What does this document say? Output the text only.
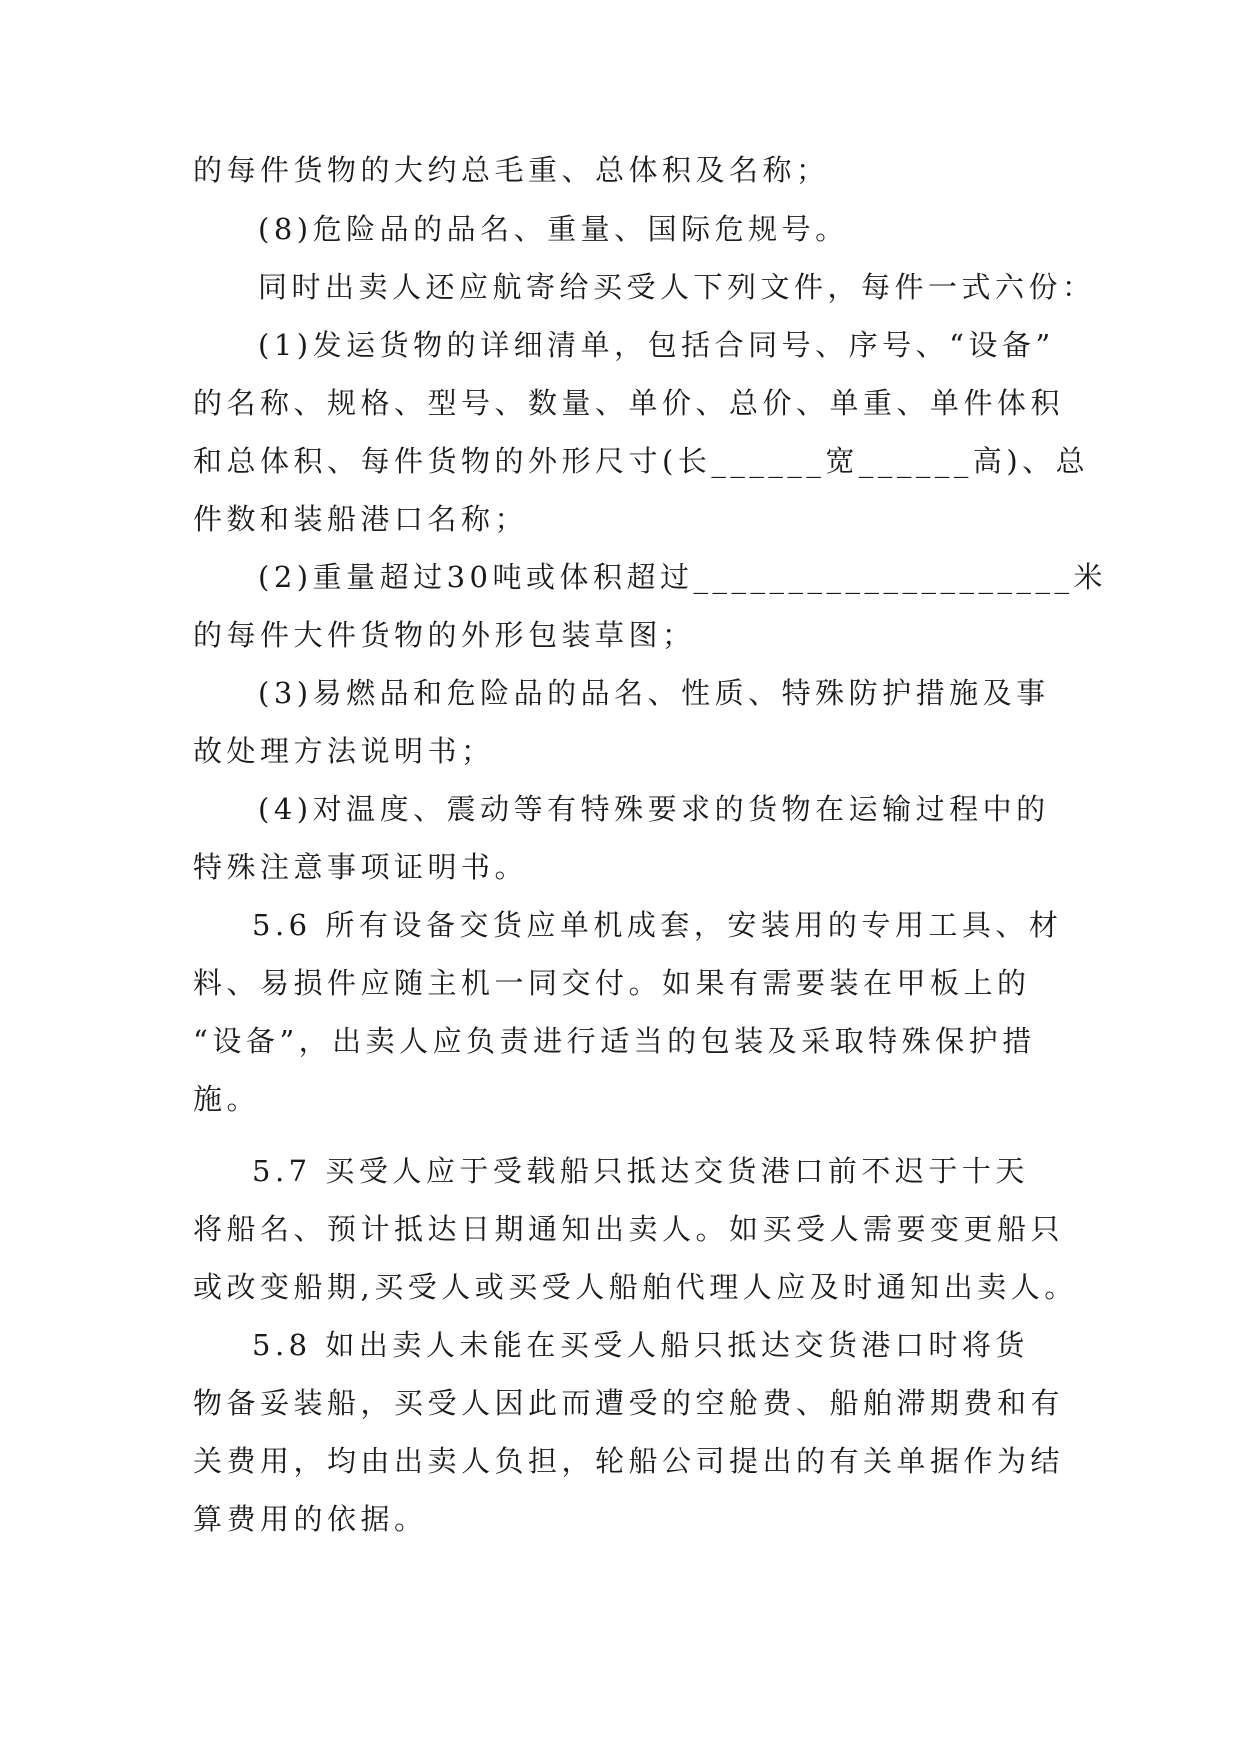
的每件货物的大约总毛重、总体积及名称；
(8)危险品的品名、重量、国际危规号。
同时出卖人还应航寄给买受人下列文件，每件一式六份：
(1)发运货物的详细清单，包括合同号、序号、“设备”
的名称、规格、型号、数量、单价、总价、单重、单件体积
和总体积、每件货物的外形尺寸(长______宽______高)、总
件数和装船港口名称；
(2)重量超过30吨或体积超过____________________米
的每件大件货物的外形包装草图；
(3)易燃品和危险品的品名、性质、特殊防护措施及事
故处理方法说明书；
(4)对温度、震动等有特殊要求的货物在运输过程中的
特殊注意事项证明书。
5.6 所有设备交货应单机成套，安装用的专用工具、材
料、易损件应随主机一同交付。如果有需要装在甲板上的
“设备”，出卖人应负责进行适当的包装及采取特殊保护措
施。
5.7 买受人应于受载船只抵达交货港口前不迟于十天
将船名、预计抵达日期通知出卖人。如买受人需要变更船只
或改变船期,买受人或买受人船舶代理人应及时通知出卖人。
5.8 如出卖人未能在买受人船只抵达交货港口时将货
物备妥装船，买受人因此而遭受的空舱费、船舶滞期费和有
关费用，均由出卖人负担，轮船公司提出的有关单据作为结
算费用的依据。
